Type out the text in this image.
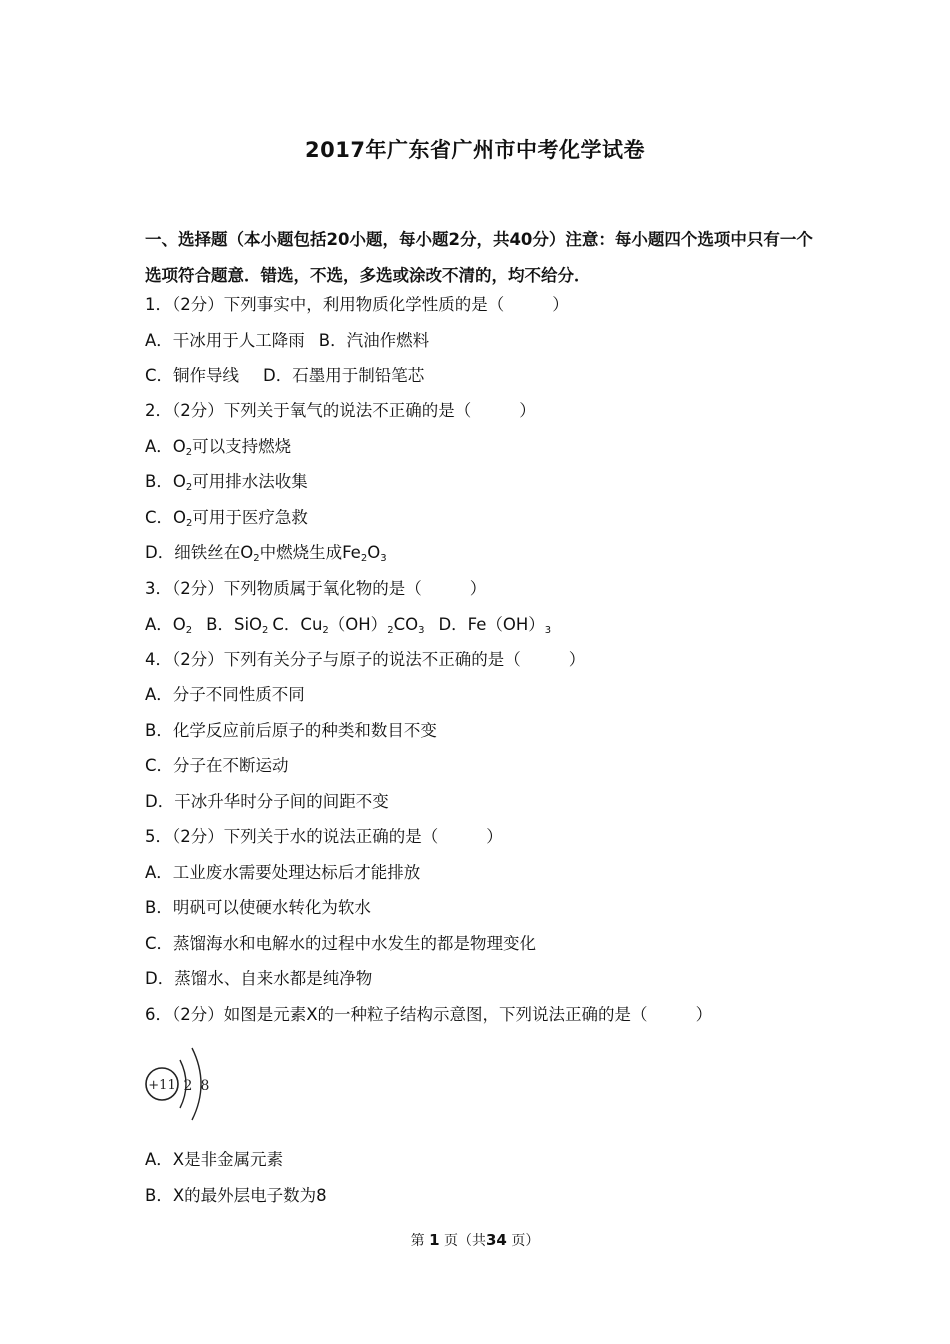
2017年广东省广州市中考化学试卷
一、选择题（本小题包括20小题，每小题2分，共40分）注意：每小题四个选项中只有一个选项符合题意．错选，不选，多选或涂改不清的，均不给分．
1．（2分）下列事实中，利用物质化学性质的是（	）
A．干冰用于人工降雨 B．汽油作燃料
C．铜作导线 D．石墨用于制铅笔芯
2．（2分）下列关于氧气的说法不正确的是（	）
A．$O_2$可以支持燃烧
B．$O_2$可用排水法收集
C．$O_2$可用于医疗急救
D．细铁丝在$O_2$中燃烧生成$Fe_2O_3$
3．（2分）下列物质属于氧化物的是（	）
A．$O_2$ B．SiO$_2$ C．$Cu_2(OH)_2CO_3$ D．$Fe(OH)_3$
4．（2分）下列有关分子与原子的说法不正确的是（	）
A．分子不同性质不同
B．化学反应前后原子的种类和数目不变
C．分子在不断运动
D．干冰升华时分子间的间距不变
5．（2分）下列关于水的说法正确的是（	）
A．工业废水需要处理达标后才能排放
B．明矾可以使硬水转化为软水
C．蒸馏海水和电解水的过程中水发生的都是物理变化
D．蒸馏水、自来水都是纯净物
6．（2分）如图是元素X的一种粒子结构示意图，下列说法正确的是（	）
+11 2 8
A．X是非金属元素
B．X的最外层电子数为8
第 1 页（共34 页）
